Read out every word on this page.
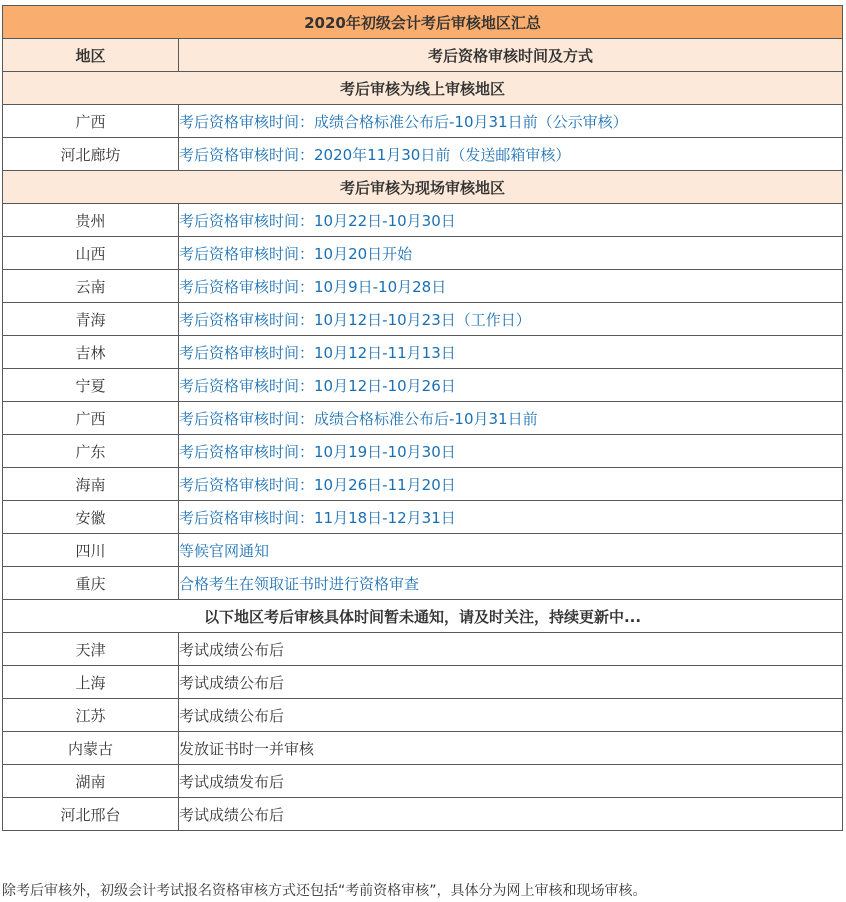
2020年初级会计考后审核地区汇总	
地区	考后资格审核时间及方式
考后审核为线上审核地区	
广西	考后资格审核时间：成绩合格标准公布后-10月31日前（公示审核）
河北廊坊	考后资格审核时间：2020年11月30日前（发送邮箱审核）
考后审核为现场审核地区	
贵州	考后资格审核时间：10月22日-10月30日
山西	考后资格审核时间：10月20日开始
云南	考后资格审核时间：10月9日-10月28日
青海	考后资格审核时间：10月12日-10月23日（工作日）
吉林	考后资格审核时间：10月12日-11月13日
宁夏	考后资格审核时间：10月12日-10月26日
广西	考后资格审核时间：成绩合格标准公布后-10月31日前
广东	考后资格审核时间：10月19日-10月30日
海南	考后资格审核时间：10月26日-11月20日
安徽	考后资格审核时间：11月18日-12月31日
四川	等候官网通知
重庆	合格考生在领取证书时进行资格审查
以下地区考后审核具体时间暂未通知，请及时关注，持续更新中...	
天津	考试成绩公布后
上海	考试成绩公布后
江苏	考试成绩公布后
内蒙古	发放证书时一并审核
湖南	考试成绩发布后
河北邢台	考试成绩公布后
除考后审核外，初级会计考试报名资格审核方式还包括“考前资格审核”，具体分为网上审核和现场审核。
